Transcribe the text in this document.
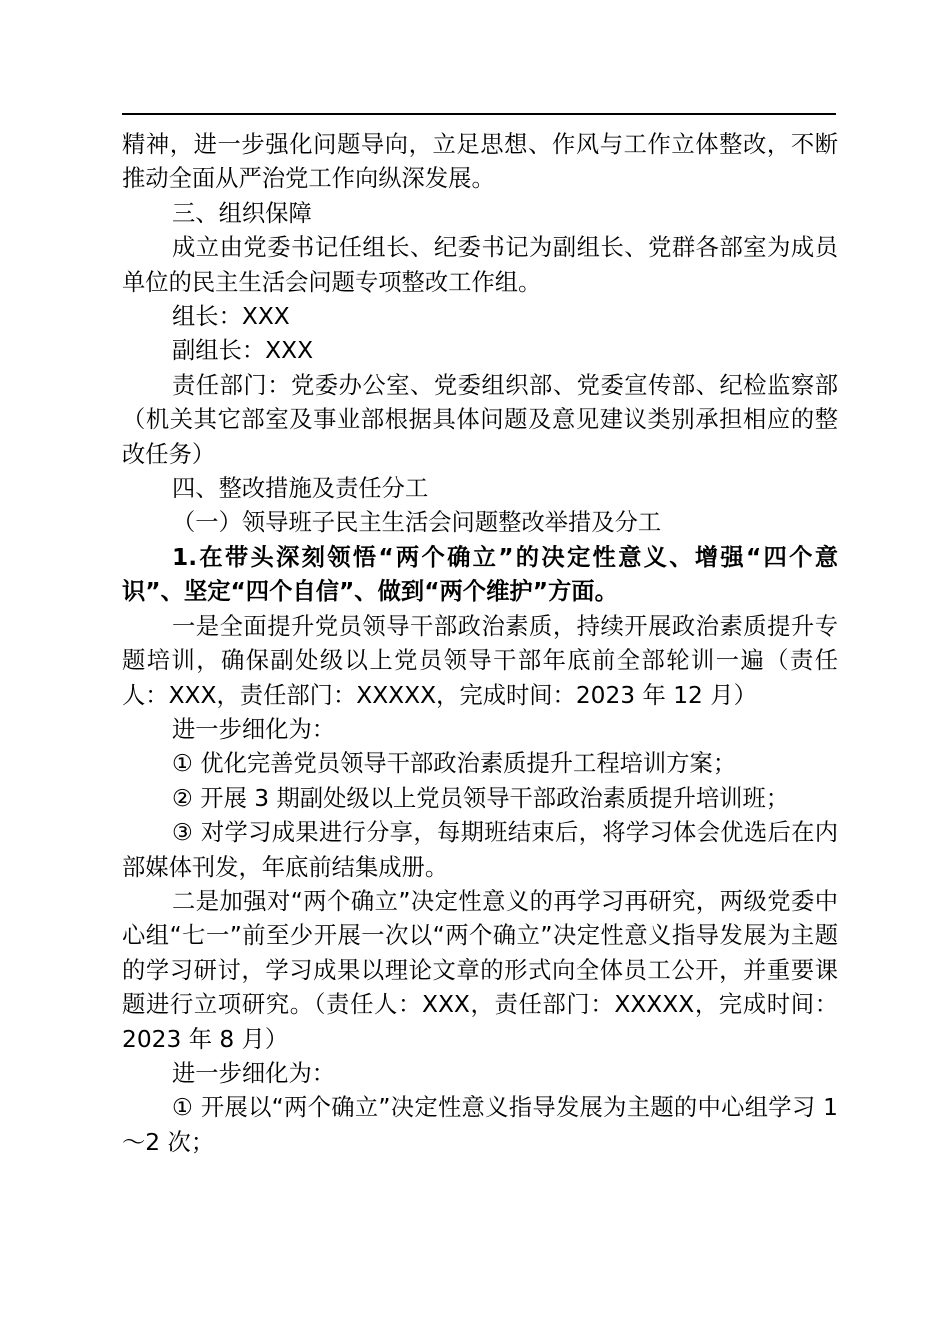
精神，进一步强化问题导向，立足思想、作风与工作立体整改，不断推动全面从严治党工作向纵深发展。

三、组织保障

成立由党委书记任组长、纪委书记为副组长、党群各部室为成员单位的民主生活会问题专项整改工作组。

组长：XXX

副组长：XXX

责任部门：党委办公室、党委组织部、党委宣传部、纪检监察部（机关其它部室及事业部根据具体问题及意见建议类别承担相应的整改任务）

四、整改措施及责任分工

（一）领导班子民主生活会问题整改举措及分工

1.在带头深刻领悟“两个确立”的决定性意义、增强“四个意识”、坚定“四个自信”、做到“两个维护”方面。

一是全面提升党员领导干部政治素质，持续开展政治素质提升专题培训，确保副处级以上党员领导干部年底前全部轮训一遍（责任人：XXX，责任部门：XXXXX，完成时间：2023 年 12 月）

进一步细化为：

① 优化完善党员领导干部政治素质提升工程培训方案；

② 开展 3 期副处级以上党员领导干部政治素质提升培训班；

③ 对学习成果进行分享，每期班结束后，将学习体会优选后在内部媒体刊发，年底前结集成册。

二是加强对“两个确立”决定性意义的再学习再研究，两级党委中心组“七一”前至少开展一次以“两个确立”决定性意义指导发展为主题的学习研讨，学习成果以理论文章的形式向全体员工公开，并重要课题进行立项研究。（责任人：XXX，责任部门：XXXXX，完成时间：2023 年 8 月）

进一步细化为：

① 开展以“两个确立”决定性意义指导发展为主题的中心组学习 1～2 次；
